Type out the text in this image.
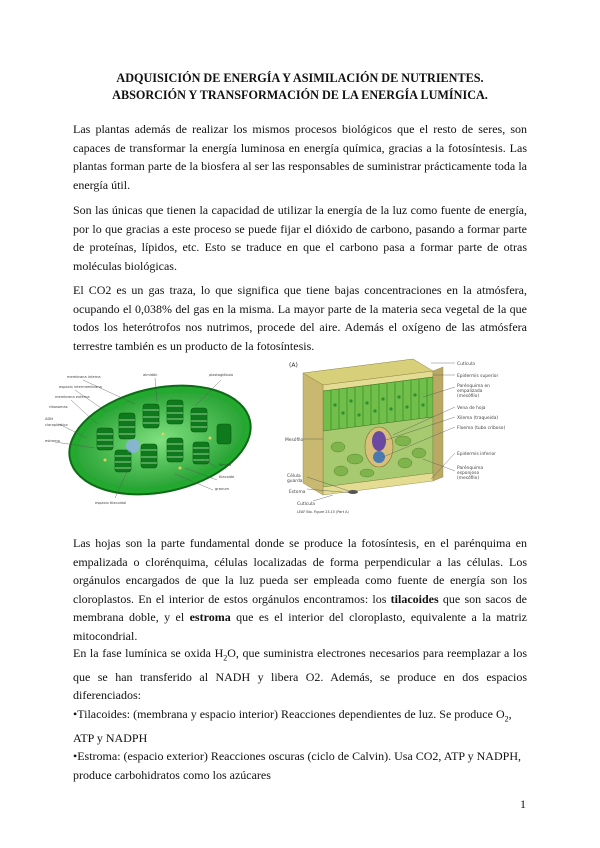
ADQUISICIÓN DE ENERGÍA Y ASIMILACIÓN DE NUTRIENTES.
ABSORCIÓN Y TRANSFORMACIÓN DE LA ENERGÍA LUMÍNICA.
Las plantas además de realizar los mismos procesos biológicos que el resto de seres, son capaces de transformar la energía luminosa en energía química, gracias a la fotosíntesis. Las plantas forman parte de la biosfera al ser las responsables de suministrar prácticamente toda la energía útil.
Son las únicas que tienen la capacidad de utilizar la energía de la luz como fuente de energía, por lo que gracias a este proceso se puede fijar el dióxido de carbono, pasando a formar parte de proteínas, lípidos, etc. Esto se traduce en que el carbono pasa a formar parte de otras moléculas biológicas.
El CO2 es un gas traza, lo que significa que tiene bajas concentraciones en la atmósfera, ocupando el 0,038% del gas en la misma. La mayor parte de la materia seca vegetal de la que todos los heterótrofos nos nutrimos, procede del aire. Además el oxígeno de las atmósfera terrestre también es un producto de la fotosíntesis.
membrana interna
espacio intermembrana
membrana externa
ribosomas
ADN
cloroplástico
estroma
almidón	plastoglóbulo
lámina
tilacoide
granum
espacio tilacoidal
(A)	Cutícula
Epidermis superior
Parénquima en
empalizada
(mesófilo)
Vena de hoja
Xilema (traqueida)
Floema (tubo criboso)
Epidermis inferior
Parénquima
esponjoso
(mesófilo)
Mesófilo
Célula
guarda
Estoma
Cutícula
LEAF Bio. Figure 23.15 (Part A)
Las hojas son la parte fundamental donde se produce la fotosíntesis, en el parénquima en empalizada o clorénquima, células localizadas de forma perpendicular a las células. Los orgánulos encargados de que la luz pueda ser empleada como fuente de energía son los cloroplastos. En el interior de estos orgánulos encontramos: los tilacoides que son sacos de membrana doble, y el estroma que es el interior del cloroplasto, equivalente a la matriz mitocondrial.
En la fase lumínica se oxida $H_2O$, que suministra electrones necesarios para reemplazar a los que se han transferido al NADH y libera O2. Además, se produce en dos espacios diferenciados:
•Tilacoides: (membrana y espacio interior) Reacciones dependientes de luz. Se produce $O_2$, ATP y NADPH
•Estroma: (espacio exterior) Reacciones oscuras (ciclo de Calvin). Usa CO2, ATP y NADPH, produce carbohidratos como los azúcares
1
